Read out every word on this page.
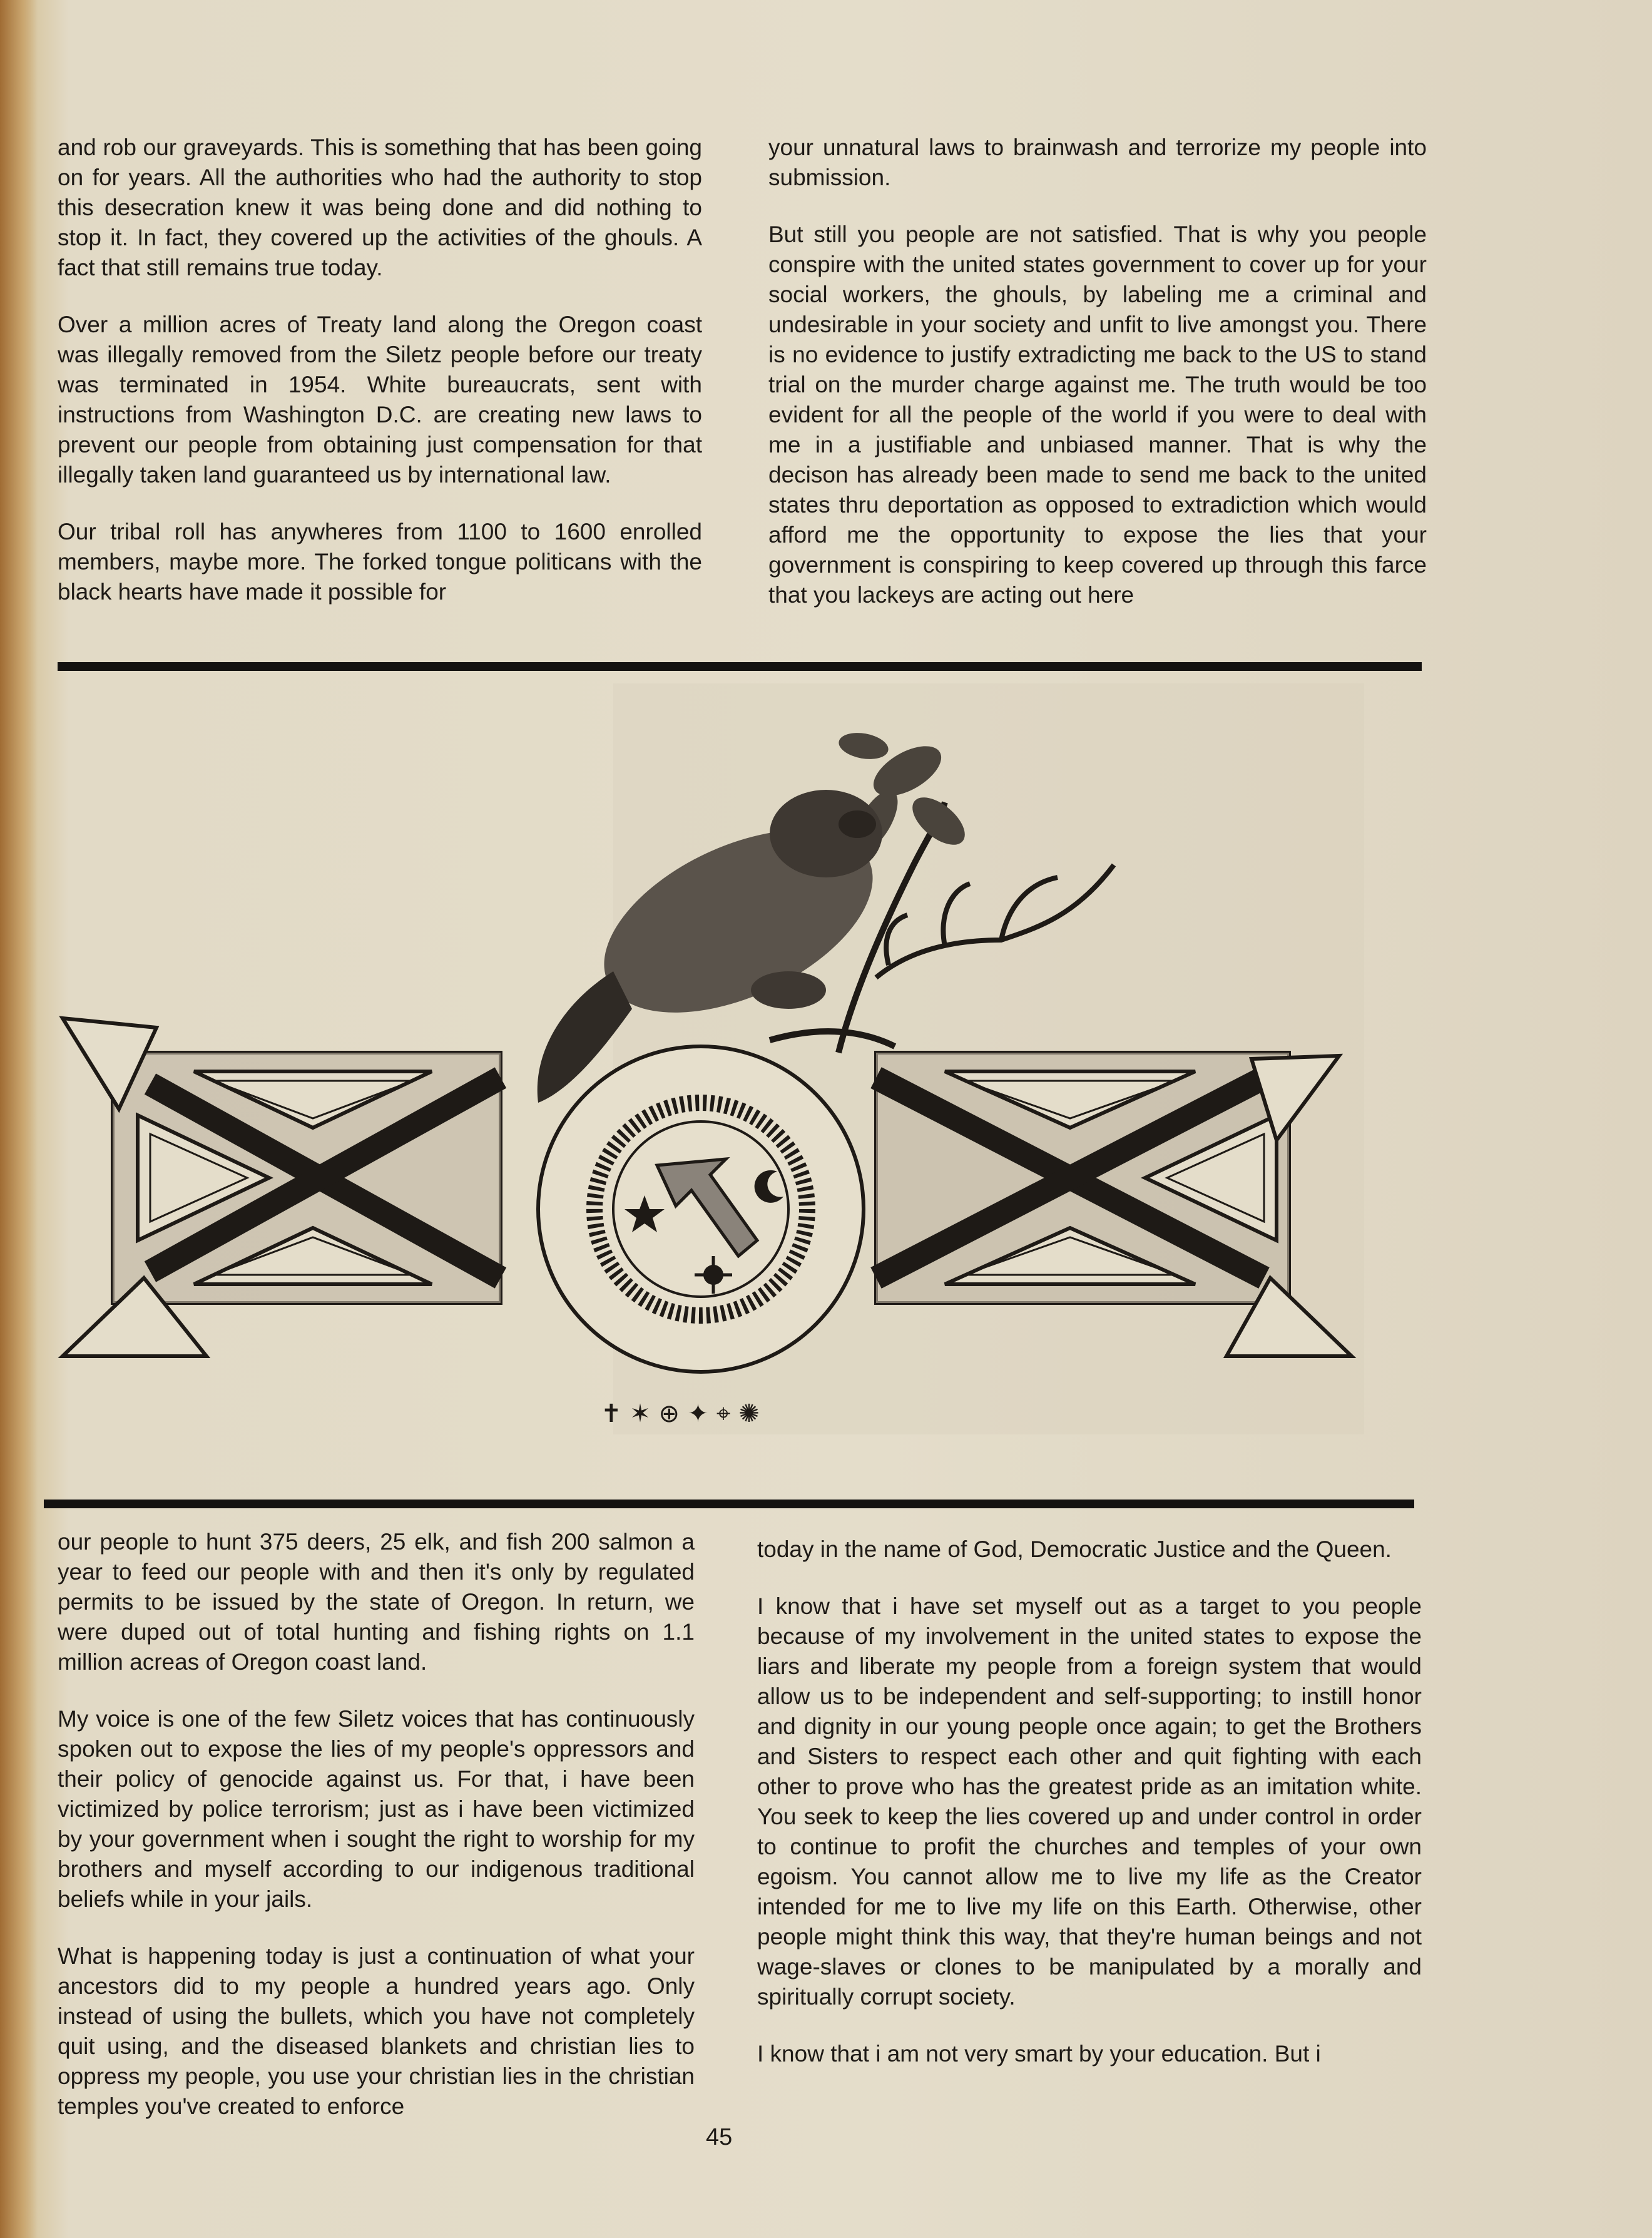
and rob our graveyards. This is something that has been going on for years. All the authorities who had the authority to stop this desecration knew it was being done and did nothing to stop it. In fact, they covered up the activities of the ghouls. A fact that still remains true today.

Over a million acres of Treaty land along the Oregon coast was illegally removed from the Siletz people before our treaty was terminated in 1954. White bureaucrats, sent with instructions from Washington D.C. are creating new laws to prevent our people from obtaining just compensation for that illegally taken land guaranteed us by international law.

Our tribal roll has anywheres from 1100 to 1600 enrolled members, maybe more. The forked tongue politicans with the black hearts have made it possible for

your unnatural laws to brainwash and terrorize my people into submission.

But still you people are not satisfied. That is why you people conspire with the united states government to cover up for your social workers, the ghouls, by labeling me a criminal and undesirable in your society and unfit to live amongst you. There is no evidence to justify extradicting me back to the US to stand trial on the murder charge against me. The truth would be too evident for all the people of the world if you were to deal with me in a justifiable and unbiased manner. That is why the decison has already been made to send me back to the united states thru deportation as opposed to extradiction which would afford me the opportunity to expose the lies that your government is conspiring to keep covered up through this farce that you lackeys are acting out here

✝ ✶ ⊕ ✦ ⌖ ✺

our people to hunt 375 deers, 25 elk, and fish 200 salmon a year to feed our people with and then it's only by regulated permits to be issued by the state of Oregon. In return, we were duped out of total hunting and fishing rights on 1.1 million acreas of Oregon coast land.

My voice is one of the few Siletz voices that has continuously spoken out to expose the lies of my people's oppressors and their policy of genocide against us. For that, i have been victimized by police terrorism; just as i have been victimized by your government when i sought the right to worship for my brothers and myself according to our indigenous traditional beliefs while in your jails.

What is happening today is just a continuation of what your ancestors did to my people a hundred years ago. Only instead of using the bullets, which you have not completely quit using, and the diseased blankets and christian lies to oppress my people, you use your christian lies in the christian temples you've created to enforce

today in the name of God, Democratic Justice and the Queen.

I know that i have set myself out as a target to you people because of my involvement in the united states to expose the liars and liberate my people from a foreign system that would allow us to be independent and self-supporting; to instill honor and dignity in our young people once again; to get the Brothers and Sisters to respect each other and quit fighting with each other to prove who has the greatest pride as an imitation white. You seek to keep the lies covered up and under control in order to continue to profit the churches and temples of your own egoism. You cannot allow me to live my life as the Creator intended for me to live my life on this Earth. Otherwise, other people might think this way, that they're human beings and not wage-slaves or clones to be manipulated by a morally and spiritually corrupt society.

I know that i am not very smart by your education. But i

45
